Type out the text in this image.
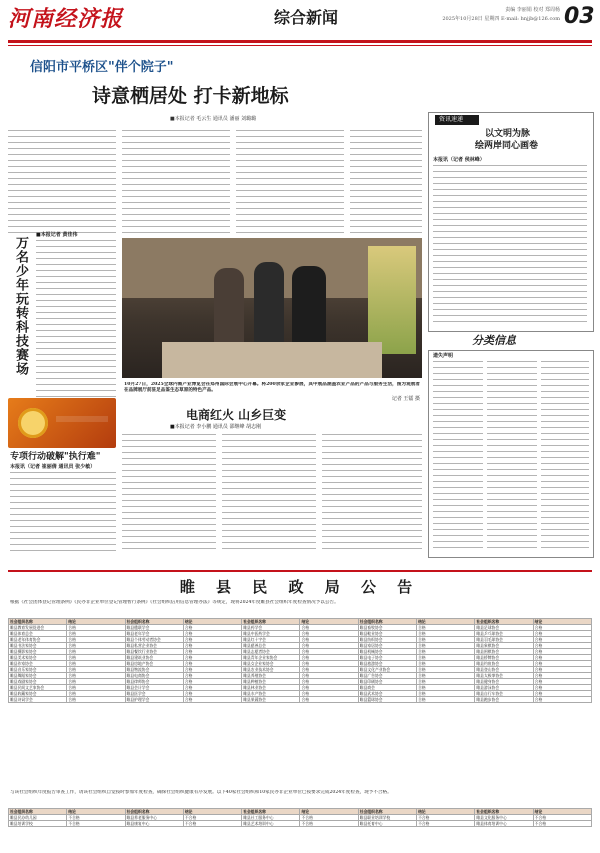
河南经济报	综合新闻	责编 李丽娟 校对 郑周杨
2025年10月28日 星期四 E-mail: hnjjb@126.com 03
信阳市平桥区"伴个院子"
诗意栖居处 打卡新地标
■本报记者 毛云生 通讯员 潘丽 刘璐璐	资讯速递
以文明为脉
绘两岸同心画卷
本报讯（记者 侯林峰）
万名少年玩转科技赛场
■本报记者 黄佳伟
专项行动破解"执行难"
本报讯（记者 崔丽倩 通讯员 张少敏）
10月27日，2025全球内需产业博览会在郑州国际会展中心开幕。将200余家企业参展，其中展品涵盖农业产品的产品与服务生活，图为观展者在品牌展厅前驻足品鉴生态草原的特色产品。
记者 王镭 摄
电商红火 山乡巨变
■本报记者 李小鹏 通讯员 邵继峰 胡志刚
分类信息
遗失声明
睢 县 民 政 局 公 告
根据《社会团体登记管理条例》《民办非企业单位登记管理暂行条例》《社会组织信用信息管理办法》等规定，现将2024年度睢县社会组织年度检查情况予以公告。
社会组织名称	结论	社会组织名称	结论	社会组织名称	结论	社会组织名称	结论	社会组织名称	结论
睢县教育发展促进会	合格	睢县楹联学会	合格	睢县药学会	合格	睢县畜牧协会	合格	睢县足球协会	合格
睢县体育总会	合格	睢县老年学会	合格	睢县中医药学会	合格	睢县鞋业协会	合格	睢县乒乓球协会	合格
睢县老年体育协会	合格	睢县个体劳动者协会	合格	睢县红十字会	合格	睢县纺织协会	合格	睢县羽毛球协会	合格
睢县书法家协会	合格	睢县私营企业协会	合格	睢县慈善总会	合格	睢县家居协会	合格	睢县象棋协会	合格
睢县摄影家协会	合格	睢县餐饮行业协会	合格	睢县志愿者协会	合格	睢县机械协会	合格	睢县围棋协会	合格
睢县美术家协会	合格	睢县建筑业协会	合格	睢县青年企业家协会	合格	睢县电子协会	合格	睢县桥牌协会	合格
睢县作家协会	合格	睢县房地产协会	合格	睢县女企业家协会	合格	睢县旅游协会	合格	睢县钓鱼协会	合格
睢县音乐家协会	合格	睢县物流协会	合格	睢县农业技术协会	合格	睢县文化产业协会	合格	睢县登山协会	合格
睢县舞蹈家协会	合格	睢县电商协会	合格	睢县养殖协会	合格	睢县广告协会	合格	睢县太极拳协会	合格
睢县戏剧家协会	合格	睢县律师协会	合格	睢县种植协会	合格	睢县印刷协会	合格	睢县健身协会	合格
睢县民间文艺家协会	合格	睢县会计学会	合格	睢县林业协会	合格	睢县商会	合格	睢县游泳协会	合格
睢县收藏家协会	合格	睢县医学会	合格	睢县水产协会	合格	睢县武术协会	合格	睢县自行车协会	合格
睢县诗词学会	合格	睢县护理学会	合格	睢县果蔬协会	合格	睢县篮球协会	合格	睢县跑步协会	合格
与该社会组织年度报告审查工作，请该社会组织自觉按时参加年度检查，确保社会组织健康有序发展。以下40家社会组织和10家民办非企业单位已按要求完成2024年度检查，现予不合格。
社会组织名称	结论	社会组织名称	结论	社会组织名称	结论	社会组织名称	结论	社会组织名称	结论
睢县民办幼儿园	不合格	睢县养老服务中心	不合格	睢县社工服务中心	不合格	睢县职业培训学校	不合格	睢县文化服务中心	不合格
睢县培训学校	不合格	睢县康复中心	不合格	睢县艺术培训中心	不合格	睢县托育中心	不合格	睢县体育培训中心	不合格
